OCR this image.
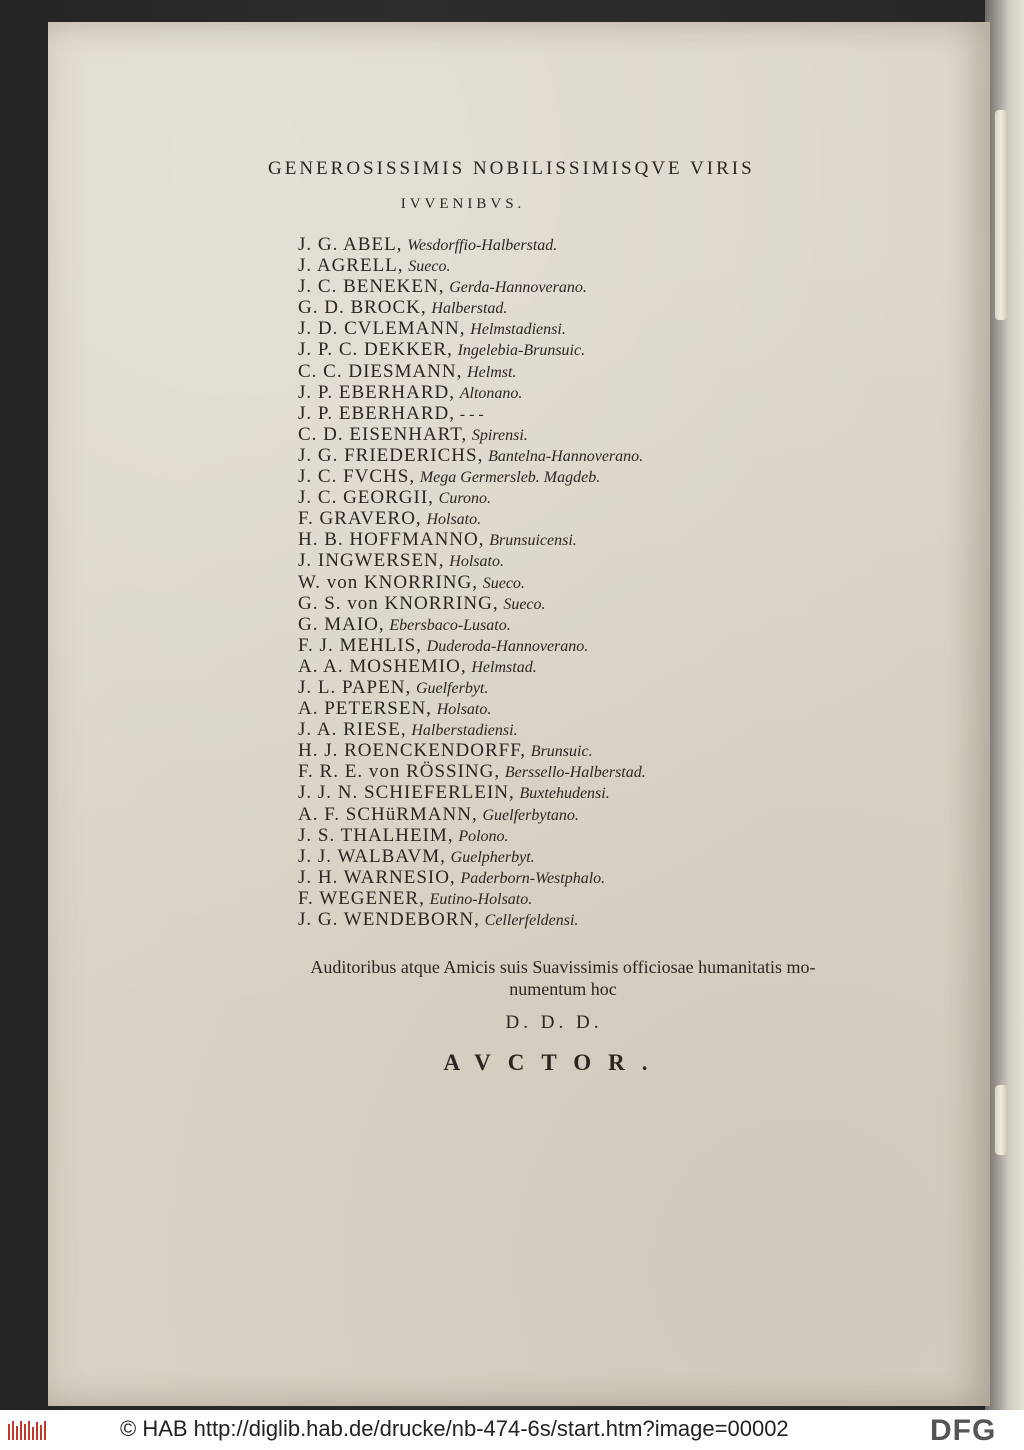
GENEROSISSIMIS NOBILISSIMISQVE VIRIS
IVVENIBVS.
J. G. ABEL, Wesdorffio-Halberstad.
J. AGRELL, Sueco.
J. C. BENEKEN, Gerda-Hannoverano.
G. D. BROCK, Halberstad.
J. D. CVLEMANN, Helmstadiensi.
J. P. C. DEKKER, Ingelebia-Brunsuic.
C. C. DIESMANN, Helmst.
J. P. EBERHARD, Altonano.
J. P. EBERHARD, - - -
C. D. EISENHART, Spirensi.
J. G. FRIEDERICHS, Bantelna-Hannoverano.
J. C. FVCHS, Mega Germersleb. Magdeb.
J. C. GEORGII, Curono.
F. GRAVERO, Holsato.
H. B. HOFFMANNO, Brunsuicensi.
J. INGWERSEN, Holsato.
W. von KNORRING, Sueco.
G. S. von KNORRING, Sueco.
G. MAIO, Ebersbaco-Lusato.
F. J. MEHLIS, Duderoda-Hannoverano.
A. A. MOSHEMIO, Helmstad.
J. L. PAPEN, Guelferbyt.
A. PETERSEN, Holsato.
J. A. RIESE, Halberstadiensi.
H. J. ROENCKENDORFF, Brunsuic.
F. R. E. von RÖSSING, Berssello-Halberstad.
J. J. N. SCHIEFERLEIN, Buxtehudensi.
A. F. SCHüRMANN, Guelferbytano.
J. S. THALHEIM, Polono.
J. J. WALBAVM, Guelpherbyt.
J. H. WARNESIO, Paderborn-Westphalo.
F. WEGENER, Eutino-Holsato.
J. G. WENDEBORN, Cellerfeldensi.
Auditoribus atque Amicis suis Suavissimis officiosae humanitatis mo-
numentum hoc
D. D. D.
AVCTOR.
© HAB http://diglib.hab.de/drucke/nb-474-6s/start.htm?image=00002	DFG
